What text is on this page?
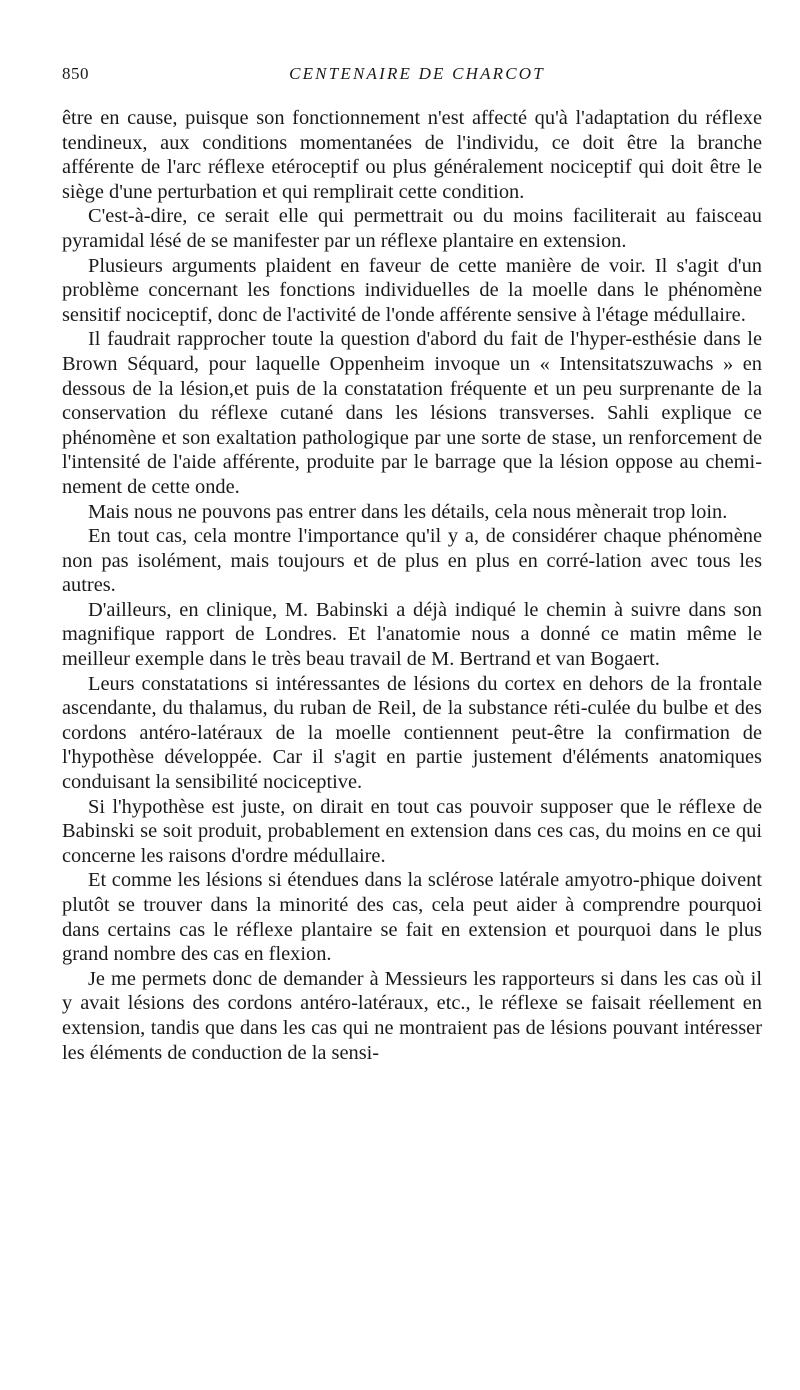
850	CENTENAIRE DE CHARCOT

être en cause, puisque son fonctionnement n'est affecté qu'à l'adaptation du réflexe tendineux, aux conditions momentanées de l'individu, ce doit être la branche afférente de l'arc réflexe etéroceptif ou plus généralement nociceptif qui doit être le siège d'une perturbation et qui remplirait cette condition.

C'est-à-dire, ce serait elle qui permettrait ou du moins faciliterait au faisceau pyramidal lésé de se manifester par un réflexe plantaire en extension.

Plusieurs arguments plaident en faveur de cette manière de voir. Il s'agit d'un problème concernant les fonctions individuelles de la moelle dans le phénomène sensitif nociceptif, donc de l'activité de l'onde afférente sensive à l'étage médullaire.

Il faudrait rapprocher toute la question d'abord du fait de l'hyper-esthésie dans le Brown Séquard, pour laquelle Oppenheim invoque un « Intensitatszuwachs » en dessous de la lésion,et puis de la constatation fréquente et un peu surprenante de la conservation du réflexe cutané dans les lésions transverses. Sahli explique ce phénomène et son exaltation pathologique par une sorte de stase, un renforcement de l'intensité de l'aide afférente, produite par le barrage que la lésion oppose au chemi-nement de cette onde.

Mais nous ne pouvons pas entrer dans les détails, cela nous mènerait trop loin.

En tout cas, cela montre l'importance qu'il y a, de considérer chaque phénomène non pas isolément, mais toujours et de plus en plus en corré-lation avec tous les autres.

D'ailleurs, en clinique, M. Babinski a déjà indiqué le chemin à suivre dans son magnifique rapport de Londres. Et l'anatomie nous a donné ce matin même le meilleur exemple dans le très beau travail de M. Bertrand et van Bogaert.

Leurs constatations si intéressantes de lésions du cortex en dehors de la frontale ascendante, du thalamus, du ruban de Reil, de la substance réti-culée du bulbe et des cordons antéro-latéraux de la moelle contiennent peut-être la confirmation de l'hypothèse développée. Car il s'agit en partie justement d'éléments anatomiques conduisant la sensibilité nociceptive.

Si l'hypothèse est juste, on dirait en tout cas pouvoir supposer que le réflexe de Babinski se soit produit, probablement en extension dans ces cas, du moins en ce qui concerne les raisons d'ordre médullaire.

Et comme les lésions si étendues dans la sclérose latérale amyotro-phique doivent plutôt se trouver dans la minorité des cas, cela peut aider à comprendre pourquoi dans certains cas le réflexe plantaire se fait en extension et pourquoi dans le plus grand nombre des cas en flexion.

Je me permets donc de demander à Messieurs les rapporteurs si dans les cas où il y avait lésions des cordons antéro-latéraux, etc., le réflexe se faisait réellement en extension, tandis que dans les cas qui ne montraient pas de lésions pouvant intéresser les éléments de conduction de la sensi-
